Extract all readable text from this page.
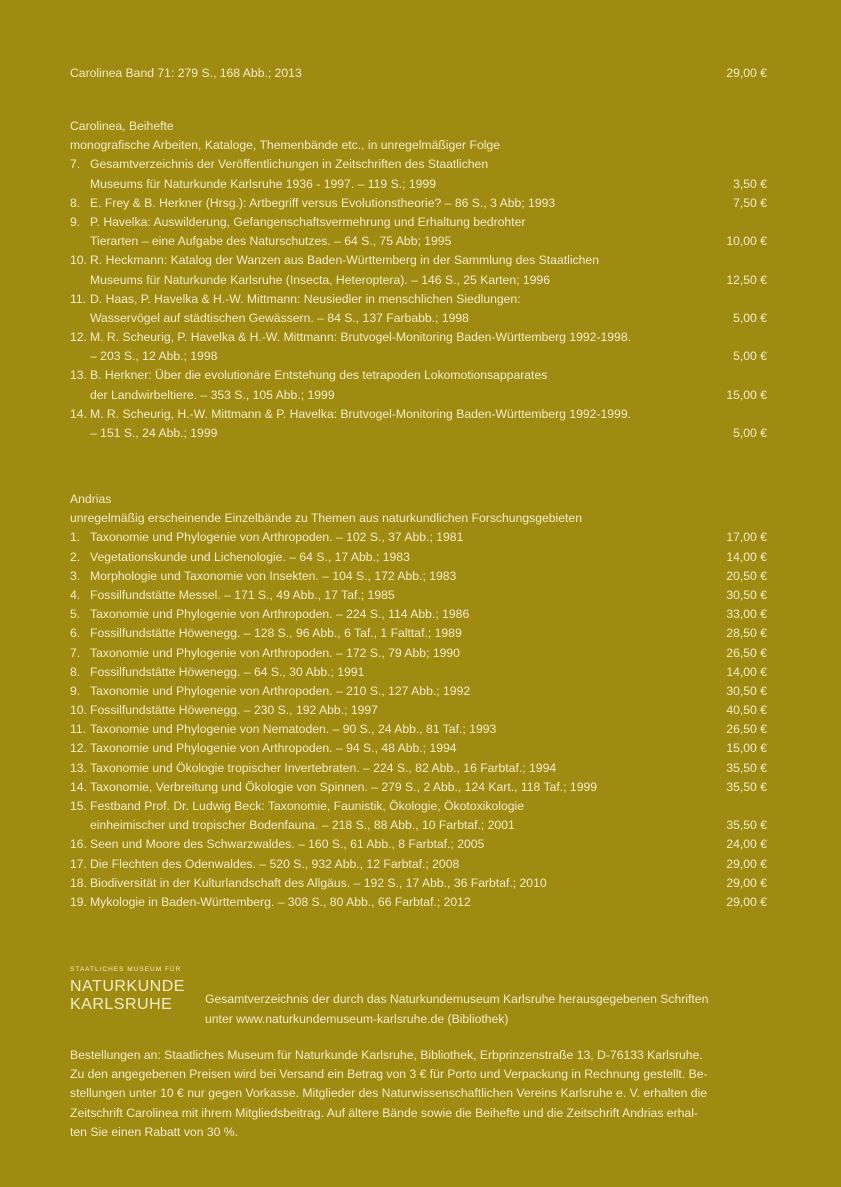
Carolinea Band 71: 279 S., 168 Abb.; 2013	29,00 €
Carolinea, Beihefte
monografische Arbeiten, Kataloge, Themenbände etc., in unregelmäßiger Folge
7. Gesamtverzeichnis der Veröffentlichungen in Zeitschriften des Staatlichen
Museums für Naturkunde Karlsruhe 1936 - 1997. – 119 S.; 1999	3,50 €
8. E. Frey & B. Herkner (Hrsg.): Artbegriff versus Evolutionstheorie? – 86 S., 3 Abb; 1993	7,50 €
9. P. Havelka: Auswilderung, Gefangenschaftsvermehrung und Erhaltung bedrohter
Tierarten – eine Aufgabe des Naturschutzes. – 64 S., 75 Abb; 1995	10,00 €
10. R. Heckmann: Katalog der Wanzen aus Baden-Württemberg in der Sammlung des Staatlichen
Museums für Naturkunde Karlsruhe (Insecta, Heteroptera). – 146 S., 25 Karten; 1996	12,50 €
11. D. Haas, P. Havelka & H.-W. Mittmann: Neusiedler in menschlichen Siedlungen:
Wasservögel auf städtischen Gewässern. – 84 S., 137 Farbabb.; 1998	5,00 €
12. M. R. Scheurig, P. Havelka & H.-W. Mittmann: Brutvogel-Monitoring Baden-Württemberg 1992-1998.
– 203 S., 12 Abb.; 1998	5,00 €
13. B. Herkner: Über die evolutionäre Entstehung des tetrapoden Lokomotionsapparates
der Landwirbeltiere. – 353 S., 105 Abb.; 1999	15,00 €
14. M. R. Scheurig, H.-W. Mittmann & P. Havelka: Brutvogel-Monitoring Baden-Württemberg 1992-1999.
– 151 S., 24 Abb.; 1999	5,00 €
Andrias
unregelmäßig erscheinende Einzelbände zu Themen aus naturkundlichen Forschungsgebieten
1. Taxonomie und Phylogenie von Arthropoden. – 102 S., 37 Abb.; 1981	17,00 €
2. Vegetationskunde und Lichenologie. – 64 S., 17 Abb.; 1983	14,00 €
3. Morphologie und Taxonomie von Insekten. – 104 S., 172 Abb.; 1983	20,50 €
4. Fossilfundstätte Messel. – 171 S., 49 Abb., 17 Taf.; 1985	30,50 €
5. Taxonomie und Phylogenie von Arthropoden. – 224 S., 114 Abb.; 1986	33,00 €
6. Fossilfundstätte Höwenegg. – 128 S., 96 Abb., 6 Taf., 1 Falttaf.; 1989	28,50 €
7. Taxonomie und Phylogenie von Arthropoden. – 172 S., 79 Abb; 1990	26,50 €
8. Fossilfundstätte Höwenegg. – 64 S., 30 Abb.; 1991	14,00 €
9. Taxonomie und Phylogenie von Arthropoden. – 210 S., 127 Abb.; 1992	30,50 €
10. Fossilfundstätte Höwenegg. – 230 S., 192 Abb.; 1997	40,50 €
11. Taxonomie und Phylogenie von Nematoden. – 90 S., 24 Abb., 81 Taf.; 1993	26,50 €
12. Taxonomie und Phylogenie von Arthropoden. – 94 S., 48 Abb.; 1994	15,00 €
13. Taxonomie und Ökologie tropischer Invertebraten. – 224 S., 82 Abb., 16 Farbtaf.; 1994	35,50 €
14. Taxonomie, Verbreitung und Ökologie von Spinnen. – 279 S., 2 Abb., 124 Kart., 118 Taf.; 1999	35,50 €
15. Festband Prof. Dr. Ludwig Beck: Taxonomie, Faunistik, Ökologie, Ökotoxikologie
einheimischer und tropischer Bodenfauna. – 218 S., 88 Abb., 10 Farbtaf.; 2001	35,50 €
16. Seen und Moore des Schwarzwaldes. – 160 S., 61 Abb., 8 Farbtaf.; 2005	24,00 €
17. Die Flechten des Odenwaldes. – 520 S., 932 Abb., 12 Farbtaf.; 2008	29,00 €
18. Biodiversität in der Kulturlandschaft des Allgäus. – 192 S., 17 Abb., 36 Farbtaf.; 2010	29,00 €
19. Mykologie in Baden-Württemberg. – 308 S., 80 Abb., 66 Farbtaf.; 2012	29,00 €
STAATLICHES MUSEUM FÜR
NATURKUNDE
KARLSRUHE	Gesamtverzeichnis der durch das Naturkundemuseum Karlsruhe herausgegebenen Schriften
unter www.naturkundemuseum-karlsruhe.de (Bibliothek)
Bestellungen an: Staatliches Museum für Naturkunde Karlsruhe, Bibliothek, Erbprinzenstraße 13, D-76133 Karlsruhe.
Zu den angegebenen Preisen wird bei Versand ein Betrag von 3 € für Porto und Verpackung in Rechnung gestellt. Be-
stellungen unter 10 € nur gegen Vorkasse. Mitglieder des Naturwissenschaftlichen Vereins Karlsruhe e. V. erhalten die
Zeitschrift Carolinea mit ihrem Mitgliedsbeitrag. Auf ältere Bände sowie die Beihefte und die Zeitschrift Andrias erhal-
ten Sie einen Rabatt von 30 %.
